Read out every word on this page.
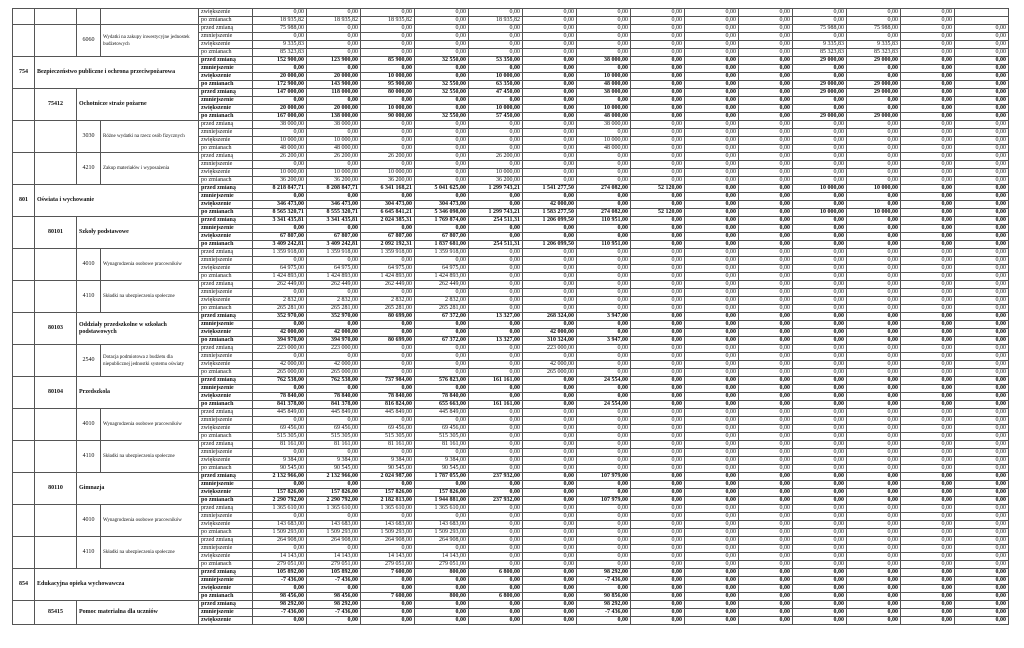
				zwiększenie	0,00	0,00	0,00	0,00	0,00	0,00	0,00	0,00	0,00	0,00	0,00	0,00	0,00	
				po zmianach	18 935,82	18 935,82	18 935,82	0,00	18 935,82	0,00	0,00	0,00	0,00	0,00	0,00	0,00	0,00	
		6060	Wydatki na zakupy inwestycyjne jednostek budżetowych	przed zmianą	75 988,00	0,00	0,00	0,00	0,00	0,00	0,00	0,00	0,00	0,00	75 988,00	75 988,00	0,00	0,00
				zmniejszenie	0,00	0,00	0,00	0,00	0,00	0,00	0,00	0,00	0,00	0,00	0,00	0,00	0,00	0,00
				zwiększenie	9 335,83	0,00	0,00	0,00	0,00	0,00	0,00	0,00	0,00	0,00	9 335,83	9 335,83	0,00	0,00
				po zmianach	85 323,83	0,00	0,00	0,00	0,00	0,00	0,00	0,00	0,00	0,00	85 323,83	85 323,83	0,00	0,00
754	Bezpieczeństwo publiczne i ochrona przeciwpożarowa			przed zmianą	152 900,00	123 900,00	85 900,00	32 550,00	53 350,00	0,00	38 000,00	0,00	0,00	0,00	29 000,00	29 000,00	0,00	0,00
				zmniejszenie	0,00	0,00	0,00	0,00	0,00	0,00	0,00	0,00	0,00	0,00	0,00	0,00	0,00	0,00
				zwiększenie	20 000,00	20 000,00	10 000,00	0,00	10 000,00	0,00	10 000,00	0,00	0,00	0,00	0,00	0,00	0,00	0,00
				po zmianach	172 900,00	143 900,00	95 900,00	32 550,00	63 350,00	0,00	48 000,00	0,00	0,00	0,00	29 000,00	29 000,00	0,00	0,00
	75412	Ochotnicze straże pożarne		przed zmianą	147 000,00	118 000,00	80 000,00	32 550,00	47 450,00	0,00	38 000,00	0,00	0,00	0,00	29 000,00	29 000,00	0,00	0,00
				zmniejszenie	0,00	0,00	0,00	0,00	0,00	0,00	0,00	0,00	0,00	0,00	0,00	0,00	0,00	0,00
				zwiększenie	20 000,00	20 000,00	10 000,00	0,00	10 000,00	0,00	10 000,00	0,00	0,00	0,00	0,00	0,00	0,00	0,00
				po zmianach	167 000,00	138 000,00	90 000,00	32 550,00	57 450,00	0,00	48 000,00	0,00	0,00	0,00	29 000,00	29 000,00	0,00	0,00
		3030	Różne wydatki na rzecz osób fizycznych	przed zmianą	38 000,00	38 000,00	0,00	0,00	0,00	0,00	38 000,00	0,00	0,00	0,00	0,00	0,00	0,00	0,00
				zmniejszenie	0,00	0,00	0,00	0,00	0,00	0,00	0,00	0,00	0,00	0,00	0,00	0,00	0,00	0,00
				zwiększenie	10 000,00	10 000,00	0,00	0,00	0,00	0,00	10 000,00	0,00	0,00	0,00	0,00	0,00	0,00	0,00
				po zmianach	48 000,00	48 000,00	0,00	0,00	0,00	0,00	48 000,00	0,00	0,00	0,00	0,00	0,00	0,00	0,00
		4210	Zakup materiałów i wyposażenia	przed zmianą	26 200,00	26 200,00	26 200,00	0,00	26 200,00	0,00	0,00	0,00	0,00	0,00	0,00	0,00	0,00	0,00
				zmniejszenie	0,00	0,00	0,00	0,00	0,00	0,00	0,00	0,00	0,00	0,00	0,00	0,00	0,00	0,00
				zwiększenie	10 000,00	10 000,00	10 000,00	0,00	10 000,00	0,00	0,00	0,00	0,00	0,00	0,00	0,00	0,00	0,00
				po zmianach	36 200,00	36 200,00	36 200,00	0,00	36 200,00	0,00	0,00	0,00	0,00	0,00	0,00	0,00	0,00	0,00
801	Oświata i wychowanie			przed zmianą	8 218 847,71	8 208 847,71	6 341 168,21	5 041 625,00	1 299 743,21	1 541 277,50	274 082,00	52 120,00	0,00	0,00	10 000,00	10 000,00	0,00	0,00
				zmniejszenie	0,00	0,00	0,00	0,00	0,00	0,00	0,00	0,00	0,00	0,00	0,00	0,00	0,00	0,00
				zwiększenie	346 473,00	346 473,00	304 473,00	304 473,00	0,00	42 000,00	0,00	0,00	0,00	0,00	0,00	0,00	0,00	0,00
				po zmianach	8 565 320,71	8 555 320,71	6 645 841,21	5 346 098,00	1 299 743,21	1 583 277,50	274 082,00	52 120,00	0,00	0,00	10 000,00	10 000,00	0,00	0,00
	80101	Szkoły podstawowe		przed zmianą	3 341 435,81	3 341 435,81	2 024 385,31	1 769 874,00	254 511,31	1 206 099,50	110 951,00	0,00	0,00	0,00	0,00	0,00	0,00	0,00
				zmniejszenie	0,00	0,00	0,00	0,00	0,00	0,00	0,00	0,00	0,00	0,00	0,00	0,00	0,00	0,00
				zwiększenie	67 807,00	67 807,00	67 807,00	67 807,00	0,00	0,00	0,00	0,00	0,00	0,00	0,00	0,00	0,00	0,00
				po zmianach	3 409 242,81	3 409 242,81	2 092 192,31	1 837 681,00	254 511,31	1 206 099,50	110 951,00	0,00	0,00	0,00	0,00	0,00	0,00	0,00
		4010	Wynagrodzenia osobowe pracowników	przed zmianą	1 359 918,00	1 359 918,00	1 359 918,00	1 359 918,00	0,00	0,00	0,00	0,00	0,00	0,00	0,00	0,00	0,00	0,00
				zmniejszenie	0,00	0,00	0,00	0,00	0,00	0,00	0,00	0,00	0,00	0,00	0,00	0,00	0,00	0,00
				zwiększenie	64 975,00	64 975,00	64 975,00	64 975,00	0,00	0,00	0,00	0,00	0,00	0,00	0,00	0,00	0,00	0,00
				po zmianach	1 424 893,00	1 424 893,00	1 424 893,00	1 424 893,00	0,00	0,00	0,00	0,00	0,00	0,00	0,00	0,00	0,00	0,00
		4110	Składki na ubezpieczenia społeczne	przed zmianą	262 449,00	262 449,00	262 449,00	262 449,00	0,00	0,00	0,00	0,00	0,00	0,00	0,00	0,00	0,00	0,00
				zmniejszenie	0,00	0,00	0,00	0,00	0,00	0,00	0,00	0,00	0,00	0,00	0,00	0,00	0,00	0,00
				zwiększenie	2 832,00	2 832,00	2 832,00	2 832,00	0,00	0,00	0,00	0,00	0,00	0,00	0,00	0,00	0,00	0,00
				po zmianach	265 281,00	265 281,00	265 281,00	265 281,00	0,00	0,00	0,00	0,00	0,00	0,00	0,00	0,00	0,00	0,00
	80103	Oddziały przedszkolne w szkołach podstawowych		przed zmianą	352 970,00	352 970,00	80 699,00	67 372,00	13 327,00	268 324,00	3 947,00	0,00	0,00	0,00	0,00	0,00	0,00	0,00
				zmniejszenie	0,00	0,00	0,00	0,00	0,00	0,00	0,00	0,00	0,00	0,00	0,00	0,00	0,00	0,00
				zwiększenie	42 000,00	42 000,00	0,00	0,00	0,00	42 000,00	0,00	0,00	0,00	0,00	0,00	0,00	0,00	0,00
				po zmianach	394 970,00	394 970,00	80 699,00	67 372,00	13 327,00	310 324,00	3 947,00	0,00	0,00	0,00	0,00	0,00	0,00	0,00
		2540	Dotacja podmiotowa z budżetu dla niepublicznej jednostki systemu oświaty	przed zmianą	223 000,00	223 000,00	0,00	0,00	0,00	223 000,00	0,00	0,00	0,00	0,00	0,00	0,00	0,00	0,00
				zmniejszenie	0,00	0,00	0,00	0,00	0,00	0,00	0,00	0,00	0,00	0,00	0,00	0,00	0,00	0,00
				zwiększenie	42 000,00	42 000,00	0,00	0,00	0,00	42 000,00	0,00	0,00	0,00	0,00	0,00	0,00	0,00	0,00
				po zmianach	265 000,00	265 000,00	0,00	0,00	0,00	265 000,00	0,00	0,00	0,00	0,00	0,00	0,00	0,00	0,00
	80104	Przedszkola		przed zmianą	762 538,00	762 538,00	737 984,00	576 823,00	161 161,00	0,00	24 554,00	0,00	0,00	0,00	0,00	0,00	0,00	0,00
				zmniejszenie	0,00	0,00	0,00	0,00	0,00	0,00	0,00	0,00	0,00	0,00	0,00	0,00	0,00	0,00
				zwiększenie	78 840,00	78 840,00	78 840,00	78 840,00	0,00	0,00	0,00	0,00	0,00	0,00	0,00	0,00	0,00	0,00
				po zmianach	841 378,00	841 378,00	816 824,00	655 663,00	161 161,00	0,00	24 554,00	0,00	0,00	0,00	0,00	0,00	0,00	0,00
		4010	Wynagrodzenia osobowe pracowników	przed zmianą	445 849,00	445 849,00	445 849,00	445 849,00	0,00	0,00	0,00	0,00	0,00	0,00	0,00	0,00	0,00	0,00
				zmniejszenie	0,00	0,00	0,00	0,00	0,00	0,00	0,00	0,00	0,00	0,00	0,00	0,00	0,00	0,00
				zwiększenie	69 456,00	69 456,00	69 456,00	69 456,00	0,00	0,00	0,00	0,00	0,00	0,00	0,00	0,00	0,00	0,00
				po zmianach	515 305,00	515 305,00	515 305,00	515 305,00	0,00	0,00	0,00	0,00	0,00	0,00	0,00	0,00	0,00	0,00
		4110	Składki na ubezpieczenia społeczne	przed zmianą	81 161,00	81 161,00	81 161,00	81 161,00	0,00	0,00	0,00	0,00	0,00	0,00	0,00	0,00	0,00	0,00
				zmniejszenie	0,00	0,00	0,00	0,00	0,00	0,00	0,00	0,00	0,00	0,00	0,00	0,00	0,00	0,00
				zwiększenie	9 384,00	9 384,00	9 384,00	9 384,00	0,00	0,00	0,00	0,00	0,00	0,00	0,00	0,00	0,00	0,00
				po zmianach	90 545,00	90 545,00	90 545,00	90 545,00	0,00	0,00	0,00	0,00	0,00	0,00	0,00	0,00	0,00	0,00
	80110	Gimnazja		przed zmianą	2 132 966,00	2 132 966,00	2 024 987,00	1 787 055,00	237 932,00	0,00	107 979,00	0,00	0,00	0,00	0,00	0,00	0,00	0,00
				zmniejszenie	0,00	0,00	0,00	0,00	0,00	0,00	0,00	0,00	0,00	0,00	0,00	0,00	0,00	0,00
				zwiększenie	157 826,00	157 826,00	157 826,00	157 826,00	0,00	0,00	0,00	0,00	0,00	0,00	0,00	0,00	0,00	0,00
				po zmianach	2 290 792,00	2 290 792,00	2 182 813,00	1 944 881,00	237 932,00	0,00	107 979,00	0,00	0,00	0,00	0,00	0,00	0,00	0,00
		4010	Wynagrodzenia osobowe pracowników	przed zmianą	1 365 610,00	1 365 610,00	1 365 610,00	1 365 610,00	0,00	0,00	0,00	0,00	0,00	0,00	0,00	0,00	0,00	0,00
				zmniejszenie	0,00	0,00	0,00	0,00	0,00	0,00	0,00	0,00	0,00	0,00	0,00	0,00	0,00	0,00
				zwiększenie	143 683,00	143 683,00	143 683,00	143 683,00	0,00	0,00	0,00	0,00	0,00	0,00	0,00	0,00	0,00	0,00
				po zmianach	1 509 293,00	1 509 293,00	1 509 293,00	1 509 293,00	0,00	0,00	0,00	0,00	0,00	0,00	0,00	0,00	0,00	0,00
		4110	Składki na ubezpieczenia społeczne	przed zmianą	264 908,00	264 908,00	264 908,00	264 908,00	0,00	0,00	0,00	0,00	0,00	0,00	0,00	0,00	0,00	0,00
				zmniejszenie	0,00	0,00	0,00	0,00	0,00	0,00	0,00	0,00	0,00	0,00	0,00	0,00	0,00	0,00
				zwiększenie	14 143,00	14 143,00	14 143,00	14 143,00	0,00	0,00	0,00	0,00	0,00	0,00	0,00	0,00	0,00	0,00
				po zmianach	279 051,00	279 051,00	279 051,00	279 051,00	0,00	0,00	0,00	0,00	0,00	0,00	0,00	0,00	0,00	0,00
854	Edukacyjna opieka wychowawcza			przed zmianą	105 892,00	105 892,00	7 600,00	800,00	6 800,00	0,00	98 292,00	0,00	0,00	0,00	0,00	0,00	0,00	0,00
				zmniejszenie	-7 436,00	-7 436,00	0,00	0,00	0,00	0,00	-7 436,00	0,00	0,00	0,00	0,00	0,00	0,00	0,00
				zwiększenie	0,00	0,00	0,00	0,00	0,00	0,00	0,00	0,00	0,00	0,00	0,00	0,00	0,00	0,00
				po zmianach	98 456,00	98 456,00	7 600,00	800,00	6 800,00	0,00	90 856,00	0,00	0,00	0,00	0,00	0,00	0,00	0,00
	85415	Pomoc materialna dla uczniów		przed zmianą	98 292,00	98 292,00	0,00	0,00	0,00	0,00	98 292,00	0,00	0,00	0,00	0,00	0,00	0,00	0,00
				zmniejszenie	-7 436,00	-7 436,00	0,00	0,00	0,00	0,00	-7 436,00	0,00	0,00	0,00	0,00	0,00	0,00	0,00
				zwiększenie	0,00	0,00	0,00	0,00	0,00	0,00	0,00	0,00	0,00	0,00	0,00	0,00	0,00	0,00
